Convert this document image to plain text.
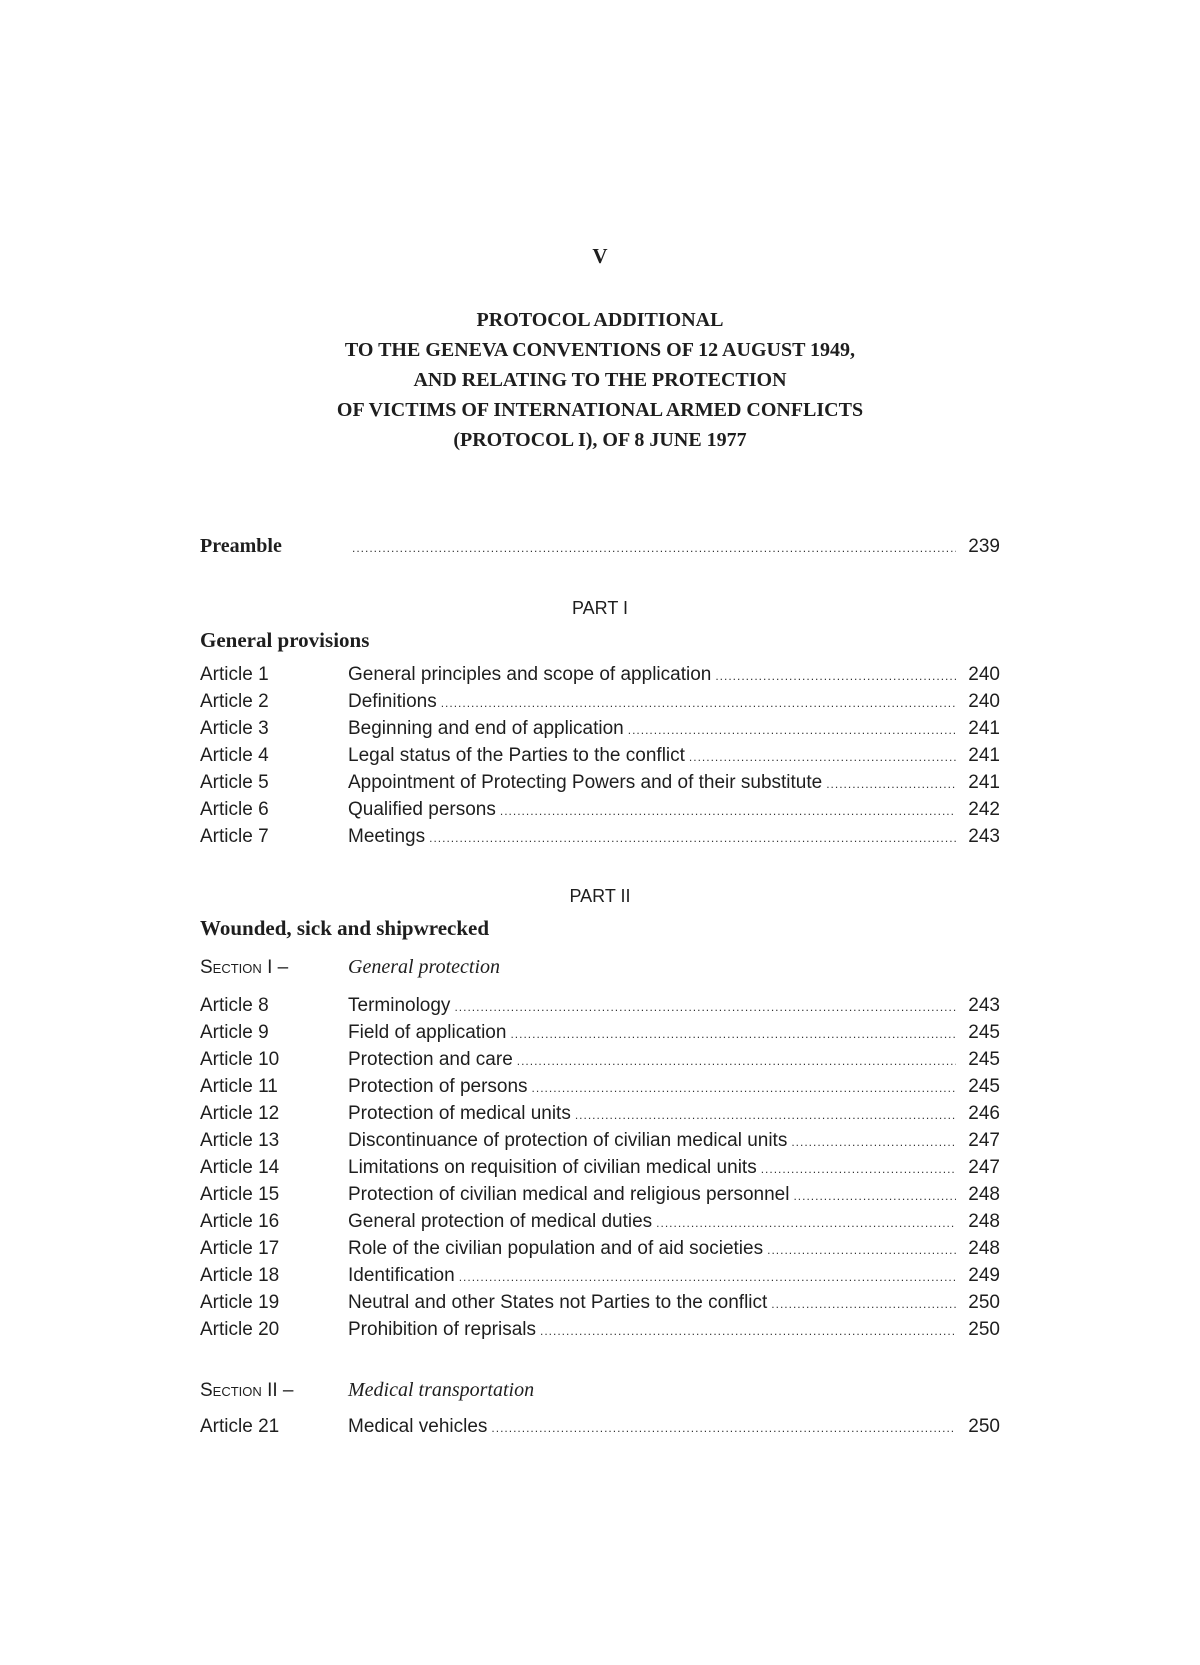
V
PROTOCOL ADDITIONAL
TO THE GENEVA CONVENTIONS OF 12 AUGUST 1949,
AND RELATING TO THE PROTECTION
OF VICTIMS OF INTERNATIONAL ARMED CONFLICTS
(PROTOCOL I), OF 8 JUNE 1977
Preamble .....	239
PART I
General provisions
Article 1	General principles and scope of application .....	240
Article 2	Definitions .....	240
Article 3	Beginning and end of application .....	241
Article 4	Legal status of the Parties to the conflict .....	241
Article 5	Appointment of Protecting Powers and of their substitute .....	241
Article 6	Qualified persons .....	242
Article 7	Meetings .....	243
PART II
Wounded, sick and shipwrecked
Section I –	General protection
Article 8	Terminology .....	243
Article 9	Field of application .....	245
Article 10	Protection and care .....	245
Article 11	Protection of persons .....	245
Article 12	Protection of medical units .....	246
Article 13	Discontinuance of protection of civilian medical units .....	247
Article 14	Limitations on requisition of civilian medical units .....	247
Article 15	Protection of civilian medical and religious personnel .....	248
Article 16	General protection of medical duties .....	248
Article 17	Role of the civilian population and of aid societies .....	248
Article 18	Identification .....	249
Article 19	Neutral and other States not Parties to the conflict .....	250
Article 20	Prohibition of reprisals .....	250
Section II –	Medical transportation
Article 21	Medical vehicles .....	250
